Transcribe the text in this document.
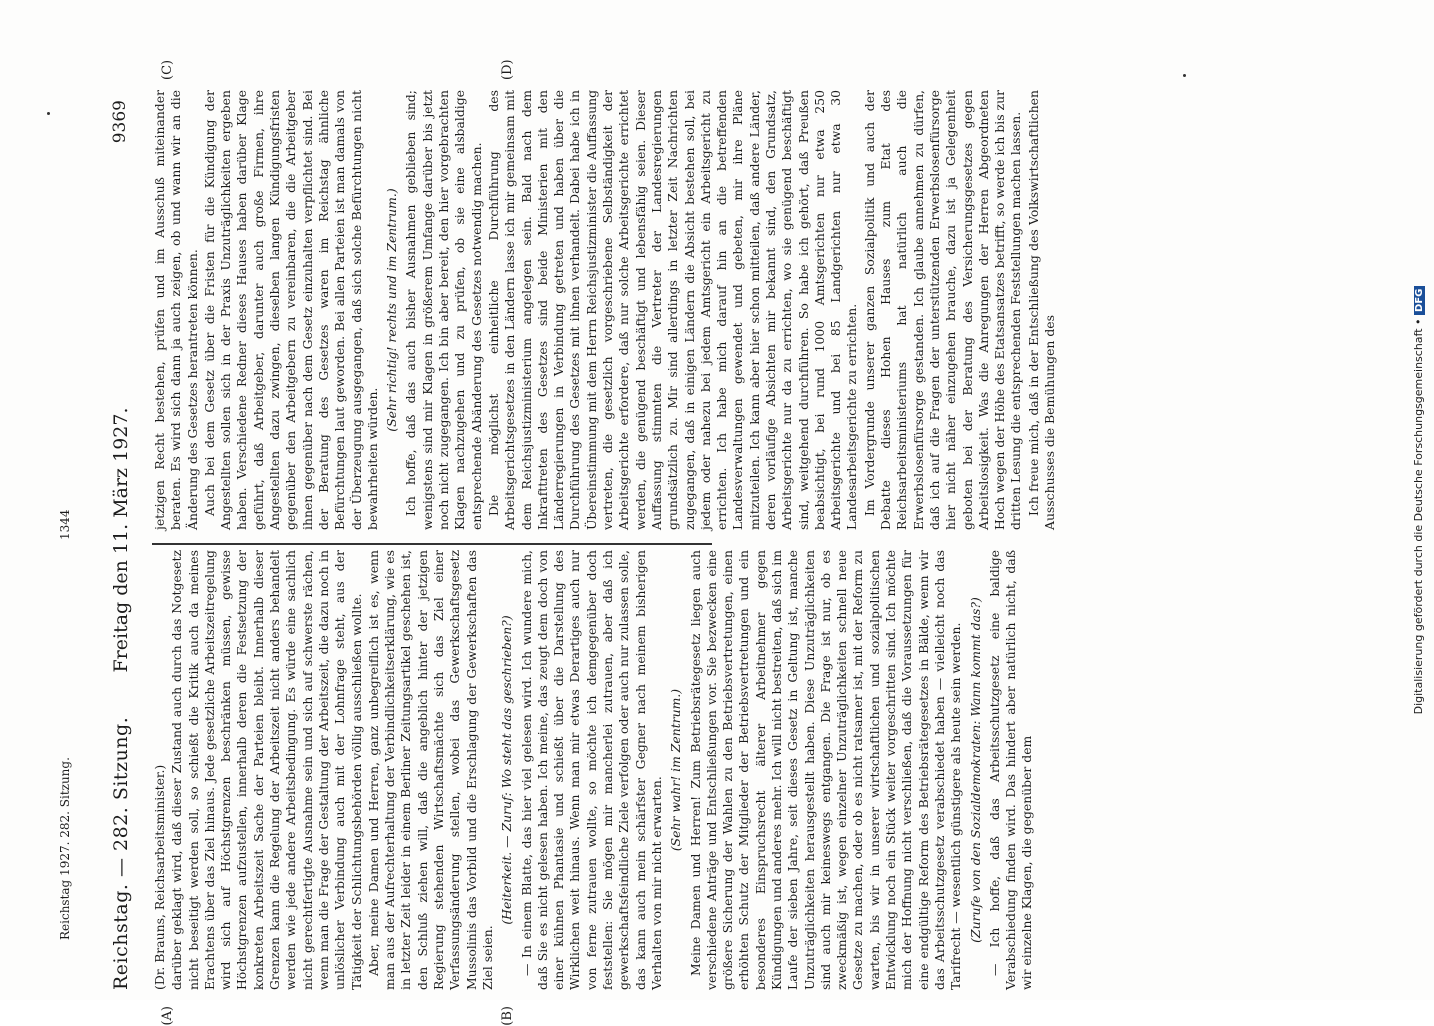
Reichstag. — 282. Sitzung.
Freitag den 11. März 1927.
9369

(Dr. Brauns, Reichsarbeitsminister.) darüber geklagt wird, daß dieser Zustand auch durch das Notgesetz nicht beseitigt werden soll, so schießt die Kritik auch da meines Erachtens über das Ziel hinaus. Jede gesetzliche Arbeitszeitregelung wird sich auf Höchstgrenzen beschränken müssen, gewisse Höchstgrenzen aufzustellen, innerhalb deren die Festsetzung der konkreten Arbeitszeit Sache der Parteien bleibt. Innerhalb dieser Grenzen kann die Regelung der Arbeitszeit nicht anders behandelt werden wie jede andere Arbeitsbedingung. Es würde eine sachlich nicht gerechtfertigte Ausnahme sein und sich auf schwerste rächen, wenn man die Frage der Gestaltung der Arbeitszeit, die dazu noch in unlöslicher Verbindung auch mit der Lohnfrage steht, aus der Tätigkeit der Schlichtungsbehörden völlig ausschließen wollte. Aber, meine Damen und Herren, ganz unbegreiflich ist es, wenn man aus der Aufrechterhaltung der Verbindlichkeitserklärung, wie es in letzter Zeit leider in einem Berliner Zeitungsartikel geschehen ist, den Schluß ziehen will, daß die angeblich hinter der jetzigen Regierung stehenden Wirtschaftsmächte sich das Ziel einer Verfassungsänderung stellen, wobei das Gewerkschaftsgesetz Mussolinis das Vorbild und die Erschlagung der Gewerkschaften das Ziel seien.

(Heiterkeit. — Zuruf: Wo steht das geschrieben?) — In einem Blatte, das hier viel gelesen wird. Ich wundere mich, daß Sie es nicht gelesen haben. Ich meine, das zeugt dem doch von einer kühnen Phantasie und schießt über die Darstellung des Wirklichen weit hinaus. Wenn man mir etwas Derartiges auch nur von ferne zutrauen wollte, so möchte ich demgegenüber doch feststellen: Sie mögen mir mancherlei zutrauen, aber daß ich gewerkschaftsfeindliche Ziele verfolgen oder auch nur zulassen solle, das kann auch mein schärfster Gegner nach meinem bisherigen Verhalten von mir nicht erwarten.

(Sehr wahr! im Zentrum.) Meine Damen und Herren! Zum Betriebsrätegesetz liegen auch verschiedene Anträge und Entschließungen vor. Sie bezwecken eine größere Sicherung der Wahlen zu den Betriebsvertretungen, einen erhöhten Schutz der Mitglieder der Betriebsvertretungen und ein besonderes Einspruchsrecht älterer Arbeitnehmer gegen Kündigungen und anderes mehr. Ich will nicht bestreiten, daß sich im Laufe der sieben Jahre, seit dieses Gesetz in Geltung ist, manche Unzuträglichkeiten herausgestellt haben. Diese Unzuträglichkeiten sind auch mir keineswegs entgangen. Die Frage ist nur, ob es zweckmäßig ist, wegen einzelner Unzuträglichkeiten schnell neue Gesetze zu machen, oder ob es nicht ratsamer ist, mit der Reform zu warten, bis wir in unserer wirtschaftlichen und sozialpolitischen Entwicklung noch ein Stück weiter vorgeschritten sind. Ich möchte mich der Hoffnung nicht verschließen, daß die Voraussetzungen für eine endgültige Reform des Betriebsrätegesetzes in Bälde, wenn wir das Arbeitsschutzgesetz verabschiedet haben — vielleicht noch das Tarifrecht — wesentlich günstigere als heute sein werden. (Zurufe von den Sozialdemokraten: Wann kommt das?) — Ich hoffe, daß das Arbeitsschutzgesetz eine baldige Verabschiedung finden wird. Das hindert aber natürlich nicht, daß wir einzelne Klagen, die gegenüber dem

jetzigen Recht bestehen, prüfen und im Ausschuß miteinander beraten. Es wird sich dann ja auch zeigen, ob und wann wir an die Änderung des Gesetzes herantreten können. Auch bei dem Gesetz über die Fristen für die Kündigung der Angestellten sollen sich in der Praxis Unzuträglichkeiten ergeben haben. Verschiedene Redner dieses Hauses haben darüber Klage geführt, daß Arbeitgeber, darunter auch große Firmen, ihre Angestellten dazu zwingen, dieselben langen Kündigungsfristen gegenüber den Arbeitgebern zu vereinbaren, die die Arbeitgeber ihnen gegenüber nach dem Gesetz einzuhalten verpflichtet sind. Bei der Beratung des Gesetzes waren im Reichstag ähnliche Befürchtungen laut geworden. Bei allen Parteien ist man damals von der Überzeugung ausgegangen, daß sich solche Befürchtungen nicht bewahrheiten würden.

(Sehr richtig! rechts und im Zentrum.) Ich hoffe, daß das auch bisher Ausnahmen geblieben sind; wenigstens sind mir Klagen in größerem Umfange darüber bis jetzt noch nicht zugegangen. Ich bin aber bereit, den hier vorgebrachten Klagen nachzugehen und zu prüfen, ob sie eine alsbaldige entsprechende Abänderung des Gesetzes notwendig machen. Die möglichst einheitliche Durchführung des Arbeitsgerichtsgesetzes in den Ländern lasse ich mir gemeinsam mit dem Reichsjustizministerium angelegen sein. Bald nach dem Inkrafttreten des Gesetzes sind beide Ministerien mit den Länderregierungen in Verbindung getreten und haben über die Durchführung des Gesetzes mit ihnen verhandelt. Dabei habe ich in Übereinstimmung mit dem Herrn Reichsjustizminister die Auffassung vertreten, die gesetzlich vorgeschriebene Selbständigkeit der Arbeitsgerichte erfordere, daß nur solche Arbeitsgerichte errichtet werden, die genügend beschäftigt und lebensfähig seien. Dieser Auffassung stimmten die Vertreter der Landesregierungen grundsätzlich zu. Mir sind allerdings in letzter Zeit Nachrichten zugegangen, daß in einigen Ländern die Absicht bestehen soll, bei jedem oder nahezu bei jedem Amtsgericht ein Arbeitsgericht zu errichten. Ich habe mich darauf hin an die betreffenden Landesverwaltungen gewendet und gebeten, mir ihre Pläne mitzuteilen. Ich kann aber hier schon mitteilen, daß andere Länder, deren vorläufige Absichten mir bekannt sind, den Grundsatz, Arbeitsgerichte nur da zu errichten, wo sie genügend beschäftigt sind, weitgehend durchführen. So habe ich gehört, daß Preußen beabsichtigt, bei rund 1000 Amtsgerichten nur etwa 250 Arbeitsgerichte und bei 85 Landgerichten nur etwa 30 Landesarbeitsgerichte zu errichten. Im Vordergrunde unserer ganzen Sozialpolitik und auch der Debatte dieses Hohen Hauses zum Etat des Reichsarbeitsministeriums hat natürlich auch die Erwerbslosenfürsorge gestanden. Ich glaube annehmen zu dürfen, daß ich auf die Fragen der unterstützenden Erwerbslosenfürsorge hier nicht näher einzugehen brauche, dazu ist ja Gelegenheit geboten bei der Beratung des Versicherungsgesetzes gegen Arbeitslosigkeit. Was die Anregungen der Herren Abgeordneten Hoch wegen der Höhe des Etatsansatzes betrifft, so werde ich bis zur dritten Lesung die entsprechenden Feststellungen machen lassen. Ich freue mich, daß in der Entschließung des Volkswirtschaftlichen Ausschusses die Bemühungen des

(A)	(B)
(C)	(D)
Reichstag 1927. 282. Sitzung.
1344	Digitalisierung gefördert durch die Deutsche Forschungsgemeinschaft • DFG
